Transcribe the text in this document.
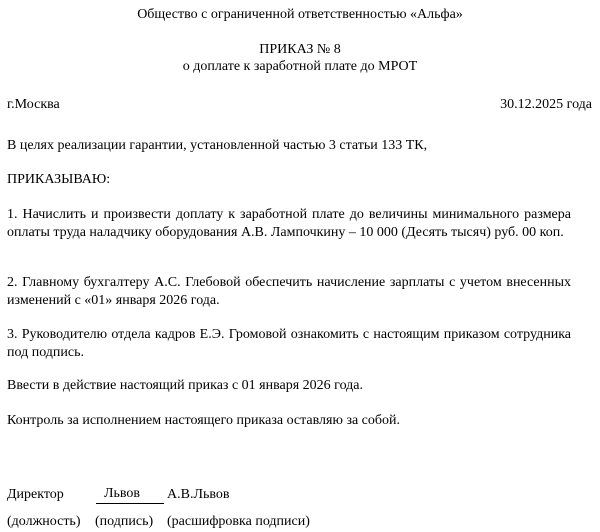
Общество с ограниченной ответственностью «Альфа»
ПРИКАЗ № 8
о доплате к заработной плате до МРОТ
г.Москва	30.12.2025 года
В целях реализации гарантии, установленной частью 3 статьи 133 ТК,
ПРИКАЗЫВАЮ:
1. Начислить и произвести доплату к заработной плате до величины минимального размера оплаты труда наладчику оборудования А.В. Лампочкину – 10 000 (Десять тысяч) руб. 00 коп.
2. Главному бухгалтеру А.С. Глебовой обеспечить начисление зарплаты с учетом внесенных изменений с «01» января 2026 года.
3. Руководителю отдела кадров Е.Э. Громовой ознакомить с настоящим приказом сотрудника под подпись.
Ввести в действие настоящий приказ с 01 января 2026 года.
Контроль за исполнением настоящего приказа оставляю за собой.
Директор	Львов А.В.Львов
(должность) (подпись) (расшифровка подписи)
